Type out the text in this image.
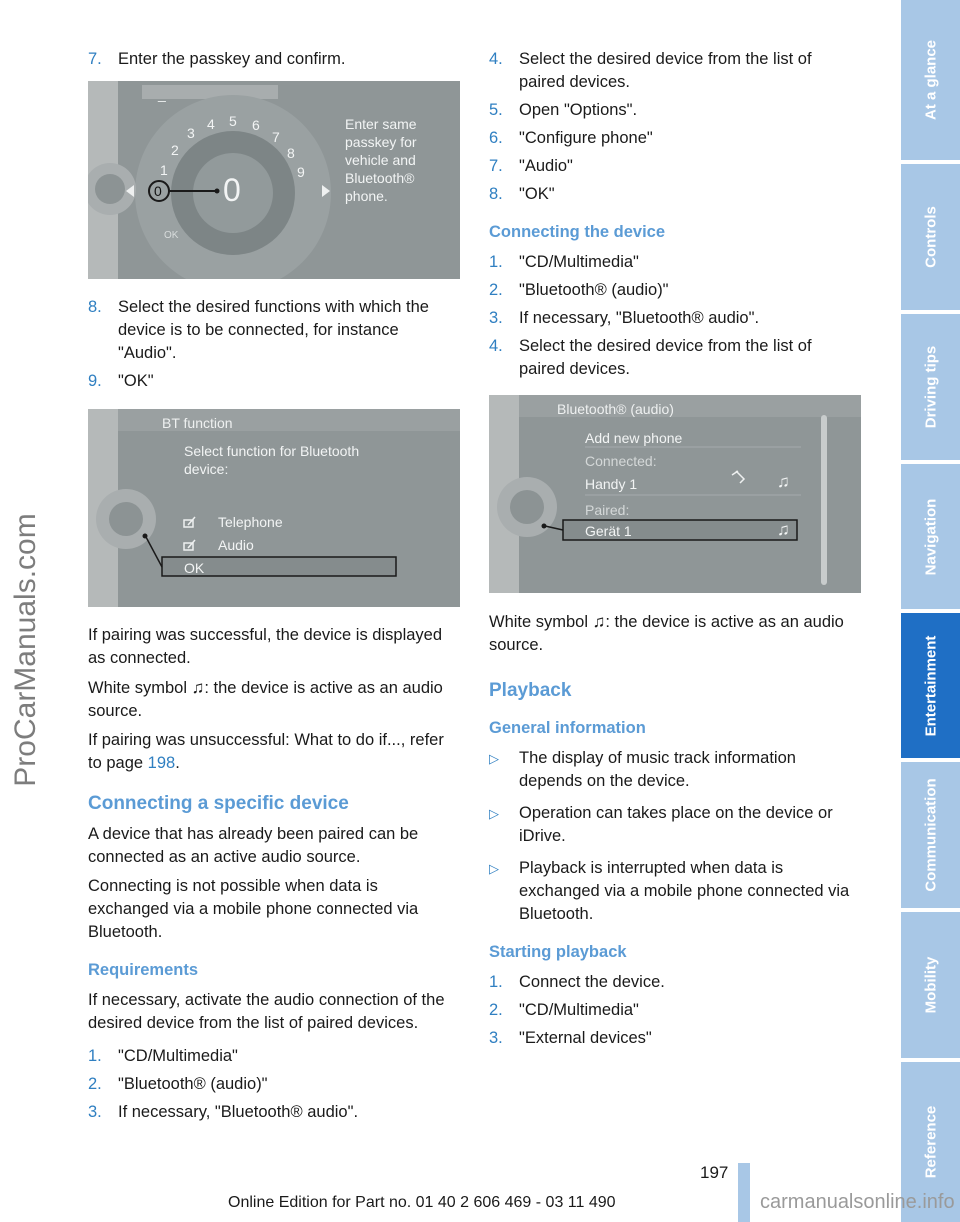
7. Enter the passkey and confirm.
_
0
1
2
3
4 5 6
7
8
9
0
OK
Enter same
passkey for
vehicle and
Bluetooth®
phone.
8. Select the desired functions with which the device is to be connected, for instance "Audio".
9. "OK"
BT function
Select function for Bluetooth
device:
Telephone
Audio
OK

If pairing was successful, the device is displayed as connected.

White symbol ♫: the device is active as an audio source.

If pairing was unsuccessful: What to do if..., refer to page 198.

Connecting a specific device

A device that has already been paired can be connected as an active audio source.

Connecting is not possible when data is exchanged via a mobile phone connected via Bluetooth.

Requirements

If necessary, activate the audio connection of the desired device from the list of paired devices.

1. "CD/Multimedia"
2. "Bluetooth® (audio)"
3. If necessary, "Bluetooth® audio".
4. Select the desired device from the list of paired devices.
5. Open "Options".
6. "Configure phone"
7. "Audio"
8. "OK"
Connecting the device
1. "CD/Multimedia"
2. "Bluetooth® (audio)"
3. If necessary, "Bluetooth® audio".
4. Select the desired device from the list of paired devices.
Bluetooth® (audio)
Add new phone
Connected:
Handy 1	♫
Paired:
Gerät 1	♫

White symbol ♫: the device is active as an audio source.

Playback
General information
▷	The display of music track information depends on the device.
▷	Operation can takes place on the device or iDrive.
▷	Playback is interrupted when data is exchanged via a mobile phone connected via Bluetooth.
Starting playback
1. Connect the device.
2. "CD/Multimedia"
3. "External devices"
At a glance
Controls
Driving tips
Navigation
Entertainment
Communication
Mobility
Reference
ProCarManuals.com
197
Online Edition for Part no. 01 40 2 606 469 - 03 11 490	carmanualsonline.info
